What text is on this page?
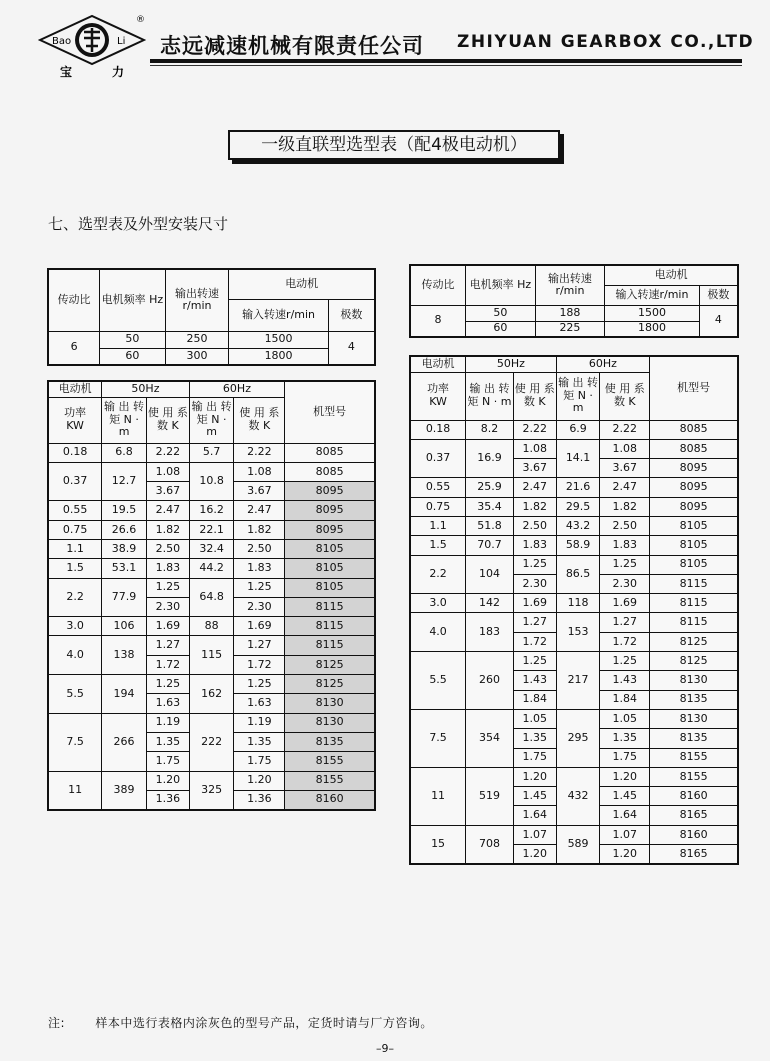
Bao	Li
宝	力
®
志远减速机械有限责任公司 ZHIYUAN GEARBOX CO.,LTD
一级直联型选型表（配4极电动机）
七、选型表及外型安装尺寸
传动比	电机频率 Hz	输出转速 r/min	电动机	
			输入转速r/min	极数
6	50	250	1500	4
	60	300	1800	
传动比	电机频率 Hz	输出转速 r/min	电动机	
			输入转速r/min	极数
8	50	188	1500	4
	60	225	1800	
电动机	50Hz		60Hz		机型号
功率
KW	输 出 转 矩 N · m	使 用 系 数 K	输 出 转 矩 N · m	使 用 系 数 K	
0.18	6.8	2.22	5.7	2.22	8085
0.37	12.7	1.08	10.8	1.08	8085
		3.67		3.67	8095
0.55	19.5	2.47	16.2	2.47	8095
0.75	26.6	1.82	22.1	1.82	8095
1.1	38.9	2.50	32.4	2.50	8105
1.5	53.1	1.83	44.2	1.83	8105
2.2	77.9	1.25	64.8	1.25	8105
		2.30		2.30	8115
3.0	106	1.69	88	1.69	8115
4.0	138	1.27	115	1.27	8115
		1.72		1.72	8125
5.5	194	1.25	162	1.25	8125
		1.63		1.63	8130
7.5	266	1.19	222	1.19	8130
		1.35		1.35	8135
		1.75		1.75	8155
11	389	1.20	325	1.20	8155
		1.36		1.36	8160
电动机	50Hz		60Hz		机型号
功率
KW	输 出 转 矩 N · m	使 用 系 数 K	输 出 转 矩 N · m	使 用 系 数 K	
0.18	8.2	2.22	6.9	2.22	8085
0.37	16.9	1.08	14.1	1.08	8085
		3.67		3.67	8095
0.55	25.9	2.47	21.6	2.47	8095
0.75	35.4	1.82	29.5	1.82	8095
1.1	51.8	2.50	43.2	2.50	8105
1.5	70.7	1.83	58.9	1.83	8105
2.2	104	1.25	86.5	1.25	8105
		2.30		2.30	8115
3.0	142	1.69	118	1.69	8115
4.0	183	1.27	153	1.27	8115
		1.72		1.72	8125
5.5	260	1.25	217	1.25	8125
		1.43		1.43	8130
		1.84		1.84	8135
7.5	354	1.05	295	1.05	8130
		1.35		1.35	8135
		1.75		1.75	8155
11	519	1.20	432	1.20	8155
		1.45		1.45	8160
		1.64		1.64	8165
15	708	1.07	589	1.07	8160
		1.20		1.20	8165
注:	样本中选行表格内涂灰色的型号产品，定货时请与厂方咨询。
–9–
